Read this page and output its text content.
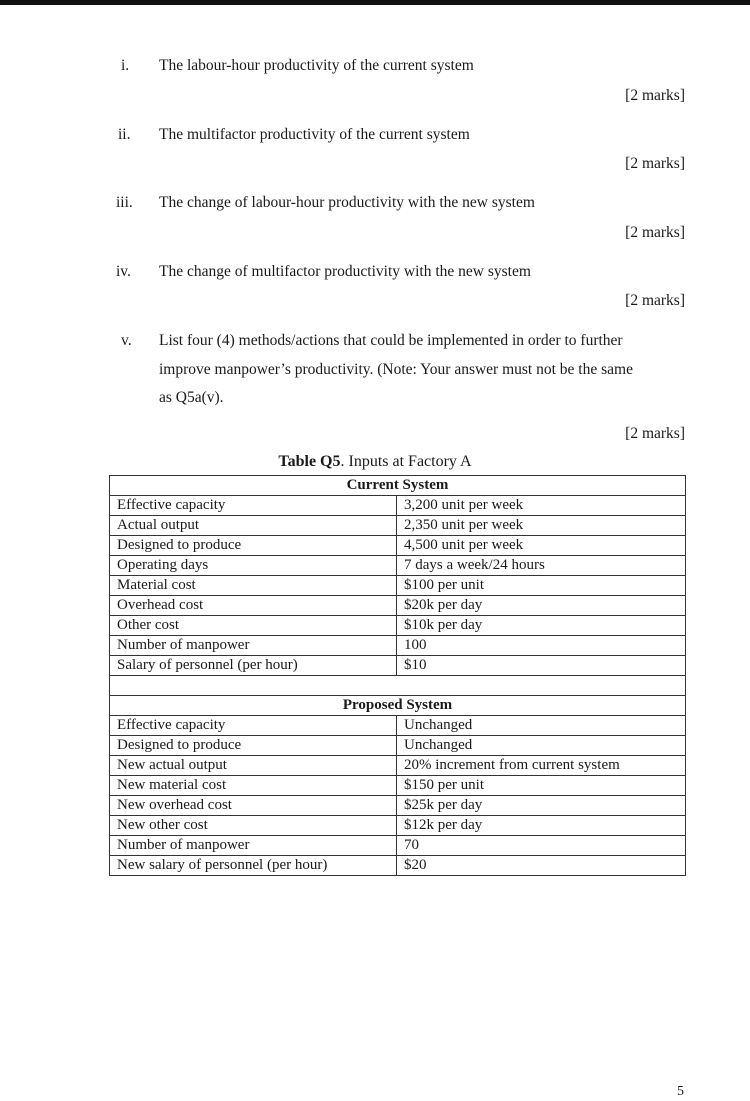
i. The labour-hour productivity of the current system
[2 marks]
ii. The multifactor productivity of the current system
[2 marks]
iii. The change of labour-hour productivity with the new system
[2 marks]
iv. The change of multifactor productivity with the new system
[2 marks]
v. List four (4) methods/actions that could be implemented in order to further
improve manpower’s productivity. (Note: Your answer must not be the same
as Q5a(v).
[2 marks]
Table Q5. Inputs at Factory A
Current System	
Effective capacity	3,200 unit per week
Actual output	2,350 unit per week
Designed to produce	4,500 unit per week
Operating days	7 days a week/24 hours
Material cost	$100 per unit
Overhead cost	$20k per day
Other cost	$10k per day
Number of manpower	100
Salary of personnel (per hour)	$10

Proposed System	
Effective capacity	Unchanged
Designed to produce	Unchanged
New actual output	20% increment from current system
New material cost	$150 per unit
New overhead cost	$25k per day
New other cost	$12k per day
Number of manpower	70
New salary of personnel (per hour)	$20
5
